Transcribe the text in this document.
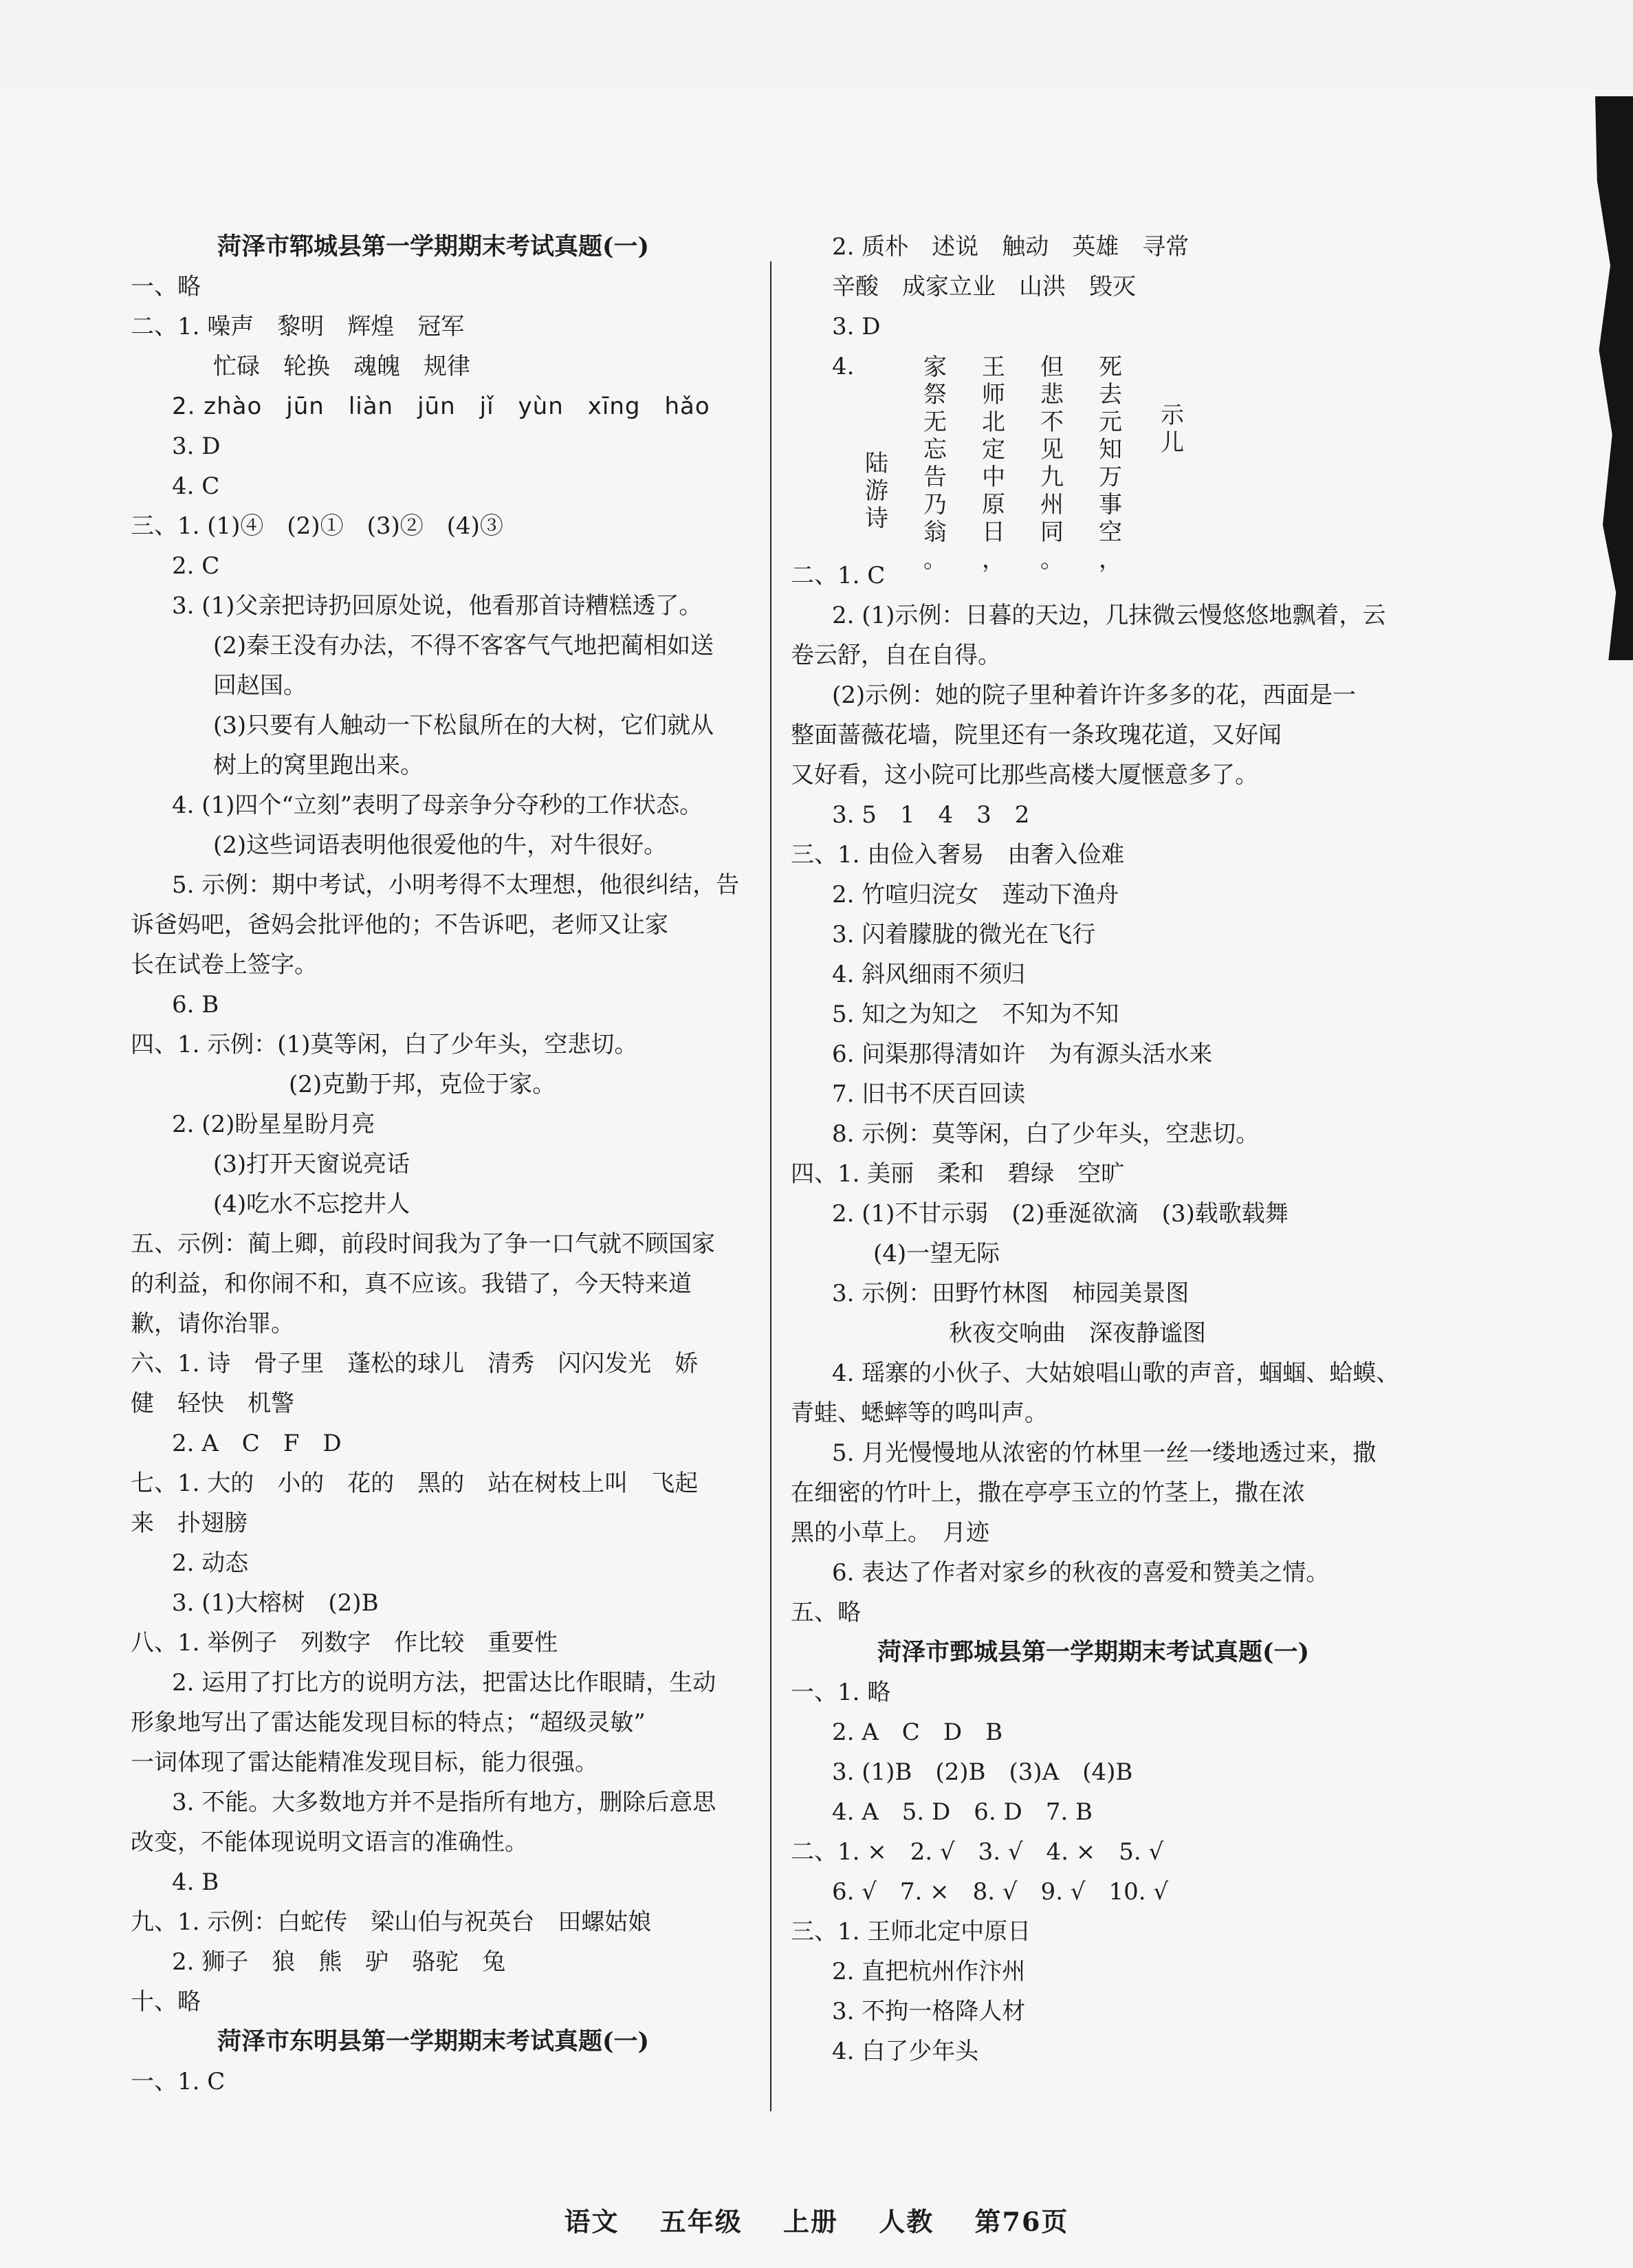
菏泽市郓城县第一学期期末考试真题(一)
一、略
二、1. 噪声　黎明　辉煌　冠军
忙碌　轮换　魂魄　规律
2. zhào　jūn　liàn　jūn　jǐ　yùn　xīng　hǎo
3. D
4. C
三、1. (1)④　(2)①　(3)②　(4)③
2. C
3. (1)父亲把诗扔回原处说，他看那首诗糟糕透了。
(2)秦王没有办法，不得不客客气气地把蔺相如送
回赵国。
(3)只要有人触动一下松鼠所在的大树，它们就从
树上的窝里跑出来。
4. (1)四个“立刻”表明了母亲争分夺秒的工作状态。
(2)这些词语表明他很爱他的牛，对牛很好。
5. 示例：期中考试，小明考得不太理想，他很纠结，告
诉爸妈吧，爸妈会批评他的；不告诉吧，老师又让家
长在试卷上签字。
6. B
四、1. 示例：(1)莫等闲，白了少年头，空悲切。
(2)克勤于邦，克俭于家。
2. (2)盼星星盼月亮
(3)打开天窗说亮话
(4)吃水不忘挖井人
五、示例：蔺上卿，前段时间我为了争一口气就不顾国家
的利益，和你闹不和，真不应该。我错了，今天特来道
歉，请你治罪。
六、1. 诗　骨子里　蓬松的球儿　清秀　闪闪发光　娇
健　轻快　机警
2. A　C　F　D
七、1. 大的　小的　花的　黑的　站在树枝上叫　飞起
来　扑翅膀
2. 动态
3. (1)大榕树　(2)B
八、1. 举例子　列数字　作比较　重要性
2. 运用了打比方的说明方法，把雷达比作眼睛，生动
形象地写出了雷达能发现目标的特点；“超级灵敏”
一词体现了雷达能精准发现目标，能力很强。
3. 不能。大多数地方并不是指所有地方，删除后意思
改变，不能体现说明文语言的准确性。
4. B
九、1. 示例：白蛇传　梁山伯与祝英台　田螺姑娘
2. 狮子　狼　熊　驴　骆驼　兔
十、略
菏泽市东明县第一学期期末考试真题(一)
一、1. C
2. 质朴　述说　触动　英雄　寻常
辛酸　成家立业　山洪　毁灭
3. D
4.
陆
游
诗
家
祭
无
忘
告
乃
翁
。
王
师
北
定
中
原
日
，
但
悲
不
见
九
州
同
。
死
去
元
知
万
事
空
，
示
儿
二、1. C
2. (1)示例：日暮的天边，几抹微云慢悠悠地飘着，云
卷云舒，自在自得。
(2)示例：她的院子里种着许许多多的花，西面是一
整面蔷薇花墙，院里还有一条玫瑰花道，又好闻
又好看，这小院可比那些高楼大厦惬意多了。
3. 5　1　4　3　2
三、1. 由俭入奢易　由奢入俭难
2. 竹喧归浣女　莲动下渔舟
3. 闪着朦胧的微光在飞行
4. 斜风细雨不须归
5. 知之为知之　不知为不知
6. 问渠那得清如许　为有源头活水来
7. 旧书不厌百回读
8. 示例：莫等闲，白了少年头，空悲切。
四、1. 美丽　柔和　碧绿　空旷
2. (1)不甘示弱　(2)垂涎欲滴　(3)载歌载舞
(4)一望无际
3. 示例：田野竹林图　柿园美景图
秋夜交响曲　深夜静谧图
4. 瑶寨的小伙子、大姑娘唱山歌的声音，蝈蝈、蛤蟆、
青蛙、蟋蟀等的鸣叫声。
5. 月光慢慢地从浓密的竹林里一丝一缕地透过来，撒
在细密的竹叶上，撒在亭亭玉立的竹茎上，撒在浓
黑的小草上。　月迹
6. 表达了作者对家乡的秋夜的喜爱和赞美之情。
五、略
菏泽市鄄城县第一学期期末考试真题(一)
一、1. 略
2. A　C　D　B
3. (1)B　(2)B　(3)A　(4)B
4. A　5. D　6. D　7. B
二、1. ×　2. √　3. √　4. ×　5. √
6. √　7. ×　8. √　9. √　10. √
三、1. 王师北定中原日
2. 直把杭州作汴州
3. 不拘一格降人材
4. 白了少年头
语文 五年级 上册 人教 第76页
